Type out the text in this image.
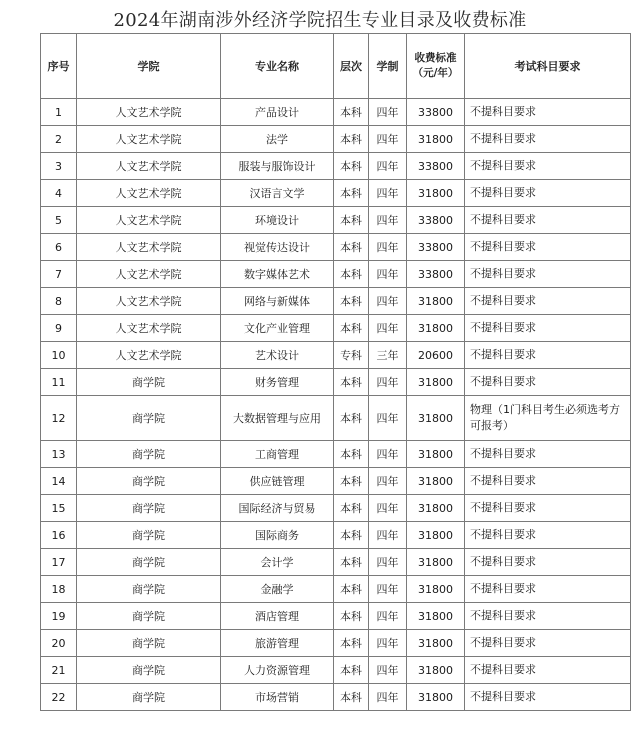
2024年湖南涉外经济学院招生专业目录及收费标准
序号	学院	专业名称	层次	学制	收费标准（元/年）	考试科目要求
1	人文艺术学院	产品设计	本科	四年	33800	不提科目要求
2	人文艺术学院	法学	本科	四年	31800	不提科目要求
3	人文艺术学院	服装与服饰设计	本科	四年	33800	不提科目要求
4	人文艺术学院	汉语言文学	本科	四年	31800	不提科目要求
5	人文艺术学院	环境设计	本科	四年	33800	不提科目要求
6	人文艺术学院	视觉传达设计	本科	四年	33800	不提科目要求
7	人文艺术学院	数字媒体艺术	本科	四年	33800	不提科目要求
8	人文艺术学院	网络与新媒体	本科	四年	31800	不提科目要求
9	人文艺术学院	文化产业管理	本科	四年	31800	不提科目要求
10	人文艺术学院	艺术设计	专科	三年	20600	不提科目要求
11	商学院	财务管理	本科	四年	31800	不提科目要求
12	商学院	大数据管理与应用	本科	四年	31800	物理（1门科目考生必须选考方可报考）
13	商学院	工商管理	本科	四年	31800	不提科目要求
14	商学院	供应链管理	本科	四年	31800	不提科目要求
15	商学院	国际经济与贸易	本科	四年	31800	不提科目要求
16	商学院	国际商务	本科	四年	31800	不提科目要求
17	商学院	会计学	本科	四年	31800	不提科目要求
18	商学院	金融学	本科	四年	31800	不提科目要求
19	商学院	酒店管理	本科	四年	31800	不提科目要求
20	商学院	旅游管理	本科	四年	31800	不提科目要求
21	商学院	人力资源管理	本科	四年	31800	不提科目要求
22	商学院	市场营销	本科	四年	31800	不提科目要求
